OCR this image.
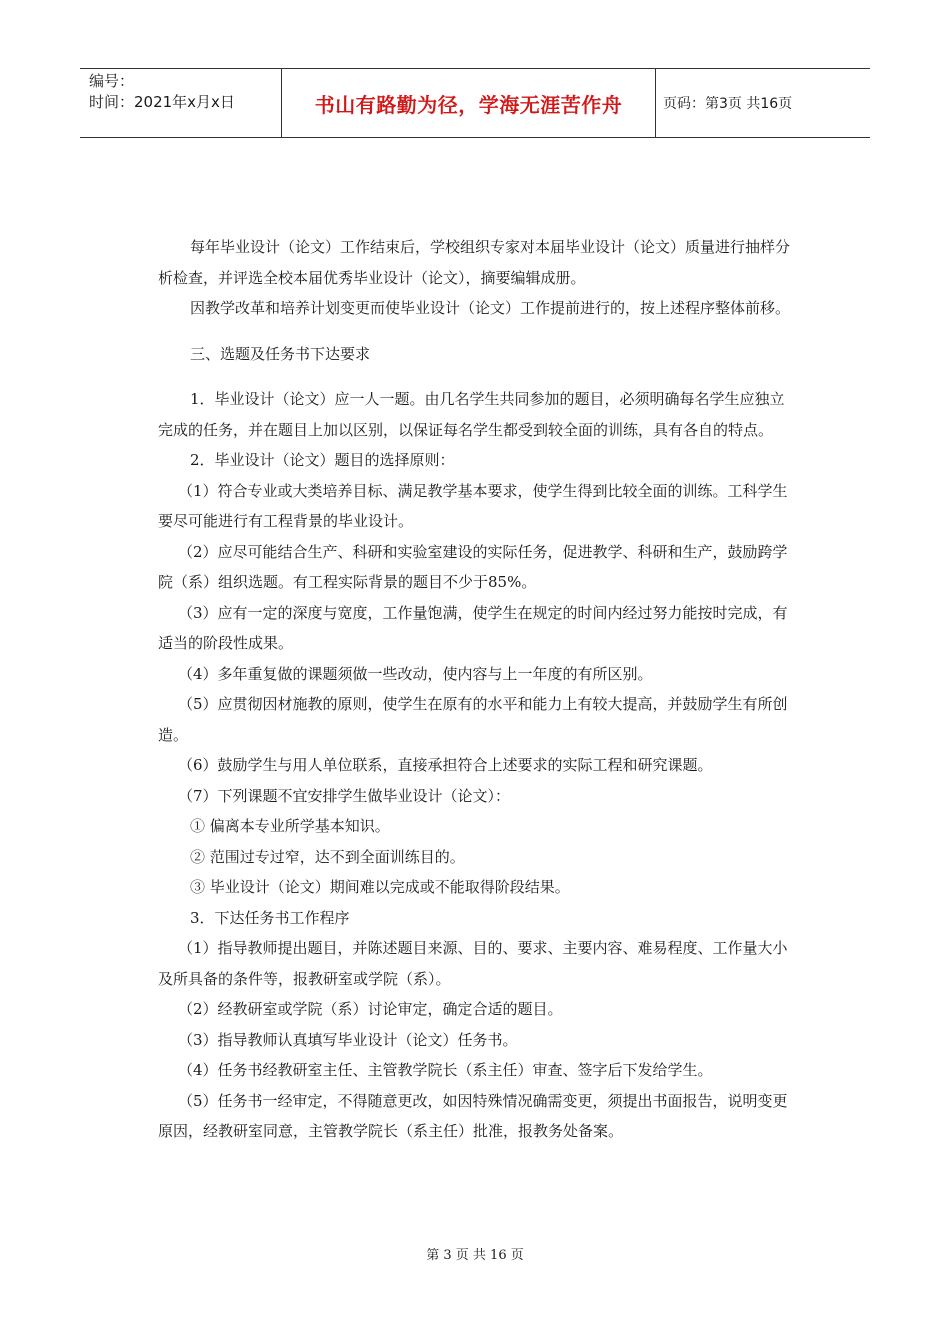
编号：
时间：2021年x月x日	书山有路勤为径，学海无涯苦作舟	页码：第3页 共16页

每年毕业设计（论文）工作结束后，学校组织专家对本届毕业设计（论文）质量进行抽样分析检查，并评选全校本届优秀毕业设计（论文），摘要编辑成册。

因教学改革和培养计划变更而使毕业设计（论文）工作提前进行的，按上述程序整体前移。

三、选题及任务书下达要求

1．毕业设计（论文）应一人一题。由几名学生共同参加的题目，必须明确每名学生应独立完成的任务，并在题目上加以区别，以保证每名学生都受到较全面的训练，具有各自的特点。

2．毕业设计（论文）题目的选择原则：

（1）符合专业或大类培养目标、满足教学基本要求，使学生得到比较全面的训练。工科学生要尽可能进行有工程背景的毕业设计。

（2）应尽可能结合生产、科研和实验室建设的实际任务，促进教学、科研和生产，鼓励跨学院（系）组织选题。有工程实际背景的题目不少于85%。

（3）应有一定的深度与宽度，工作量饱满，使学生在规定的时间内经过努力能按时完成，有适当的阶段性成果。

（4）多年重复做的课题须做一些改动，使内容与上一年度的有所区别。

（5）应贯彻因材施教的原则，使学生在原有的水平和能力上有较大提高，并鼓励学生有所创造。

（6）鼓励学生与用人单位联系，直接承担符合上述要求的实际工程和研究课题。

（7）下列课题不宜安排学生做毕业设计（论文）：

① 偏离本专业所学基本知识。

② 范围过专过窄，达不到全面训练目的。

③ 毕业设计（论文）期间难以完成或不能取得阶段结果。

3．下达任务书工作程序

（1）指导教师提出题目，并陈述题目来源、目的、要求、主要内容、难易程度、工作量大小及所具备的条件等，报教研室或学院（系）。

（2）经教研室或学院（系）讨论审定，确定合适的题目。

（3）指导教师认真填写毕业设计（论文）任务书。

（4）任务书经教研室主任、主管教学院长（系主任）审查、签字后下发给学生。

（5）任务书一经审定，不得随意更改，如因特殊情况确需变更，须提出书面报告，说明变更原因，经教研室同意，主管教学院长（系主任）批准，报教务处备案。

第 3 页 共 16 页
